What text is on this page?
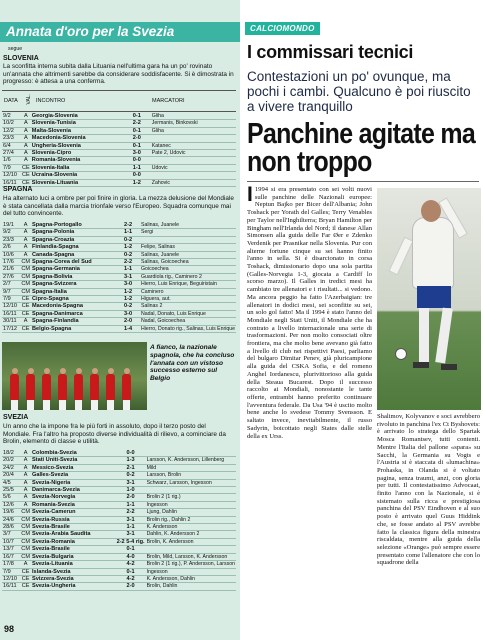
Annata d'oro per la Svezia
segue
SLOVENIA
La sconfitta interna subita dalla Lituania nell'ultima gara ha un po' rovinato un'annata che altrimenti sarebbe da considerare soddisfacente. Si è dimostrata in progresso: è attesa a una conferma.
DATA VAL. INCONTRO	MARCATORI
9/2	A	Georgia-Slovenia	0-1	Gliha
10/2	A	Slovenia-Tunisia	2-2	Jermanis, Binkovski
12/2	A	Malta-Slovenia	0-1	Gliha
23/3	A	Macedonia-Slovenia	2-0	
6/4	A	Ungheria-Slovenia	0-1	Katanec
27/4	A	Slovenia-Cipro	3-0	Pate 2, Udovic
1/6	A	Romania-Slovenia	0-0	
7/9	CE	Slovenia-Italia	1-1	Udovic
12/10	CE	Ucraina-Slovenia	0-0	
16/11	CE	Slovenia-Lituania	1-2	Zahovic
SPAGNA
Ha alternato luci a ombre per poi finire in gloria. La mezza delusione del Mondiale è stata cancellata dalla marcia trionfale verso l'Europeo. Squadra comunque mai del tutto convincente.
19/1	A	Spagna-Portogallo	2-2	Salinas, Juanele
9/2	A	Spagna-Polonia	1-1	Sergi
23/3	A	Spagna-Croazia	0-2	
2/6	A	Finlandia-Spagna	1-2	Felipe, Salinas
10/6	A	Canada-Spagna	0-2	Salinas, Juanele
17/6	CM	Spagna-Corea del Sud	2-2	Salinas, Goicoechea
21/6	CM	Spagna-Germania	1-1	Goicoechea
27/6	CM	Spagna-Bolivia	3-1	Guardiola rig., Caminero 2
2/7	CM	Spagna-Svizzera	3-0	Hierro, Luis Enrique, Beguiristain
9/7	CM	Spagna-Italia	1-2	Caminero
7/9	CE	Cipro-Spagna	1-2	Higuera, aut.
12/10	CE	Macedonia-Spagna	0-2	Salinas 2
16/11	CE	Spagna-Danimarca	3-0	Nadal, Donato, Luis Enrique
30/11	A	Spagna-Finlandia	2-0	Nadal, Goicoechea
17/12	CE	Belgio-Spagna	1-4	Hierro, Donato rig., Salinas, Luis Enrique
A fianco, la nazionale spagnola, che ha concluso l'annata con un vistoso successo esterno sul Belgio
SVEZIA
Un anno che la impone fra le più forti in assoluto, dopo il terzo posto del Mondiale. Fra l'altro ha proposto diverse individualità di rilievo, a cominciare da Brolin, elemento di classe e utilità.
18/2	A	Colombia-Svezia	0-0	
20/2	A	Stati Uniti-Svezia	1-3	Larsson, K. Andersson, Lillenberg
24/2	A	Messico-Svezia	2-1	Mild
20/4	A	Galles-Svezia	0-2	Larsson, Brolin
4/5	A	Svezia-Nigeria	3-1	Schwarz, Larsson, Ingesson
25/5	A	Danimarca-Svezia	1-0	
5/6	A	Svezia-Norvegia	2-0	Brolin 2 (1 rig.)
12/6	A	Romania-Svezia	1-1	Ingesson
19/6	CM	Svezia-Camerun	2-2	Ljung, Dahlin
24/6	CM	Svezia-Russia	3-1	Brolin rig., Dahlin 2
28/6	CM	Svezia-Brasile	1-1	K. Andersson
3/7	CM	Svezia-Arabia Saudita	3-1	Dahlin, K. Andersson 2
10/7	CM	Svezia-Romania	2-2 5-4 rig.	Brolin, K. Andersson
13/7	CM	Svezia-Brasile	0-1	
16/7	CM	Svezia-Bulgaria	4-0	Brolin, Mild, Larsson, K. Andersson
17/8	A	Svezia-Lituania	4-2	Brolin 2 (1 rig.), P. Andersson, Larsson
7/9	CE	Islanda-Svezia	0-1	Ingesson
12/10	CE	Svizzera-Svezia	4-2	K. Andersson, Dahlin
16/11	CE	Svezia-Ungheria	2-0	Brolin, Dahlin
98
CALCIOMONDO
I commissari tecnici
Contestazioni un po' ovunque, ma pochi i cambi. Qualcuno è poi riuscito a vivere tranquillo
Panchine agitate ma non troppo
I 1994 si era presentato con sei volti nuovi sulle panchine delle Nazionali europee: Neptun Bajko per Bicer dell'Albania; John Toshack per Yorath del Galles; Terry Venables per Taylor nell'Inghilterra; Bryan Hamilton per Bingham nell'Irlanda del Nord; il danese Allan Simonsen alla guida delle Far Øer e Zdenko Verdenik per Prasnikar nella Slovenia. Pur con alterne fortune cinque su sei hanno finito l'anno in sella. Si è disarcionato in corsa Toshack, dimissionario dopo una sola partita (Galles-Norvegia 1-3, giocata a Cardiff lo scorso marzo). Il Galles in tredici mesi ha cambiato tre allenatori e i risultati... si vedono. Ma ancora peggio ha fatto l'Azerbaigian: tre allenatori in dodici mesi, sei sconfitte su sei, un solo gol fatto! Ma il 1994 è stato l'anno del Mondiale negli Stati Uniti, il Mondiale che ha contrato a livello internazionale una serie di trasformazioni. Per non molto consociati oltre frontiera, ma che molto bene avevano già fatto a livello di club nei rispettivi Paesi, parliamo del bulgaro Dimitar Penev, già pluricampione alla guida del CSKA Sofia, e del romeno Anghel Iordanescu, plurivittorioso alla guida della Steaua Bucarest. Dopo il successo raccolto ai Mondiali, nonostante le tante offerte, entrambi hanno preferito continuare l'avventura federale. Da Usa '94 è uscito molto bene anche lo svedese Tommy Svensson. E saltato invece, inevitabilmente, il russo Sadyrin, boicottato negli States dalle stelle della ex Urss.
Shalimov, Kolyvanov e soci avrebbero rivoluto in panchina l'ex Ct Byshovets: è arrivato lo stratega dello Spartak Mosca Romantsev, tutti contenti. Mentre l'Italia del pallone «spara» su Sacchi, la Germania su Vogts e l'Austria si è staccata di «lumachina» Prohaska, in Olanda si è voltato pagina, senza traumi, anzi, con gloria per tutti. Il contestatissimo Advocaat, finito l'anno con la Nazionale, si è sistemato sulla ricca e prestigiosa panchina del PSV Eindhoven e al suo posto è arrivato quel Guus Hiddink che, se fosse andato al PSV avrebbe fatto la classica figura della minestra riscaldata, mentre alla guida della selezione «Orange» può sempre essere presentato come l'allenatore che con lo squadrone della
